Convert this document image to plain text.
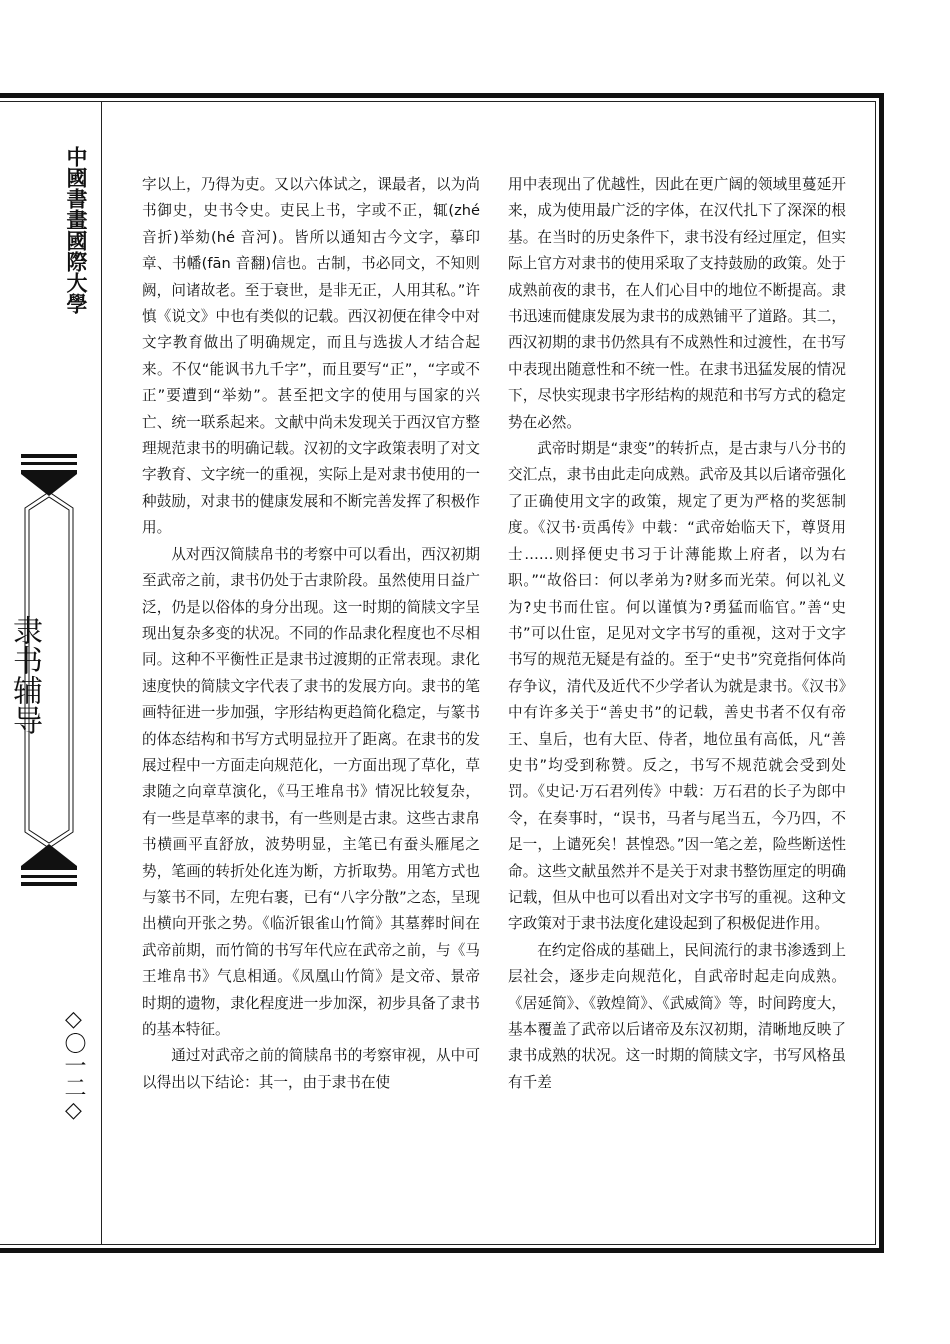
中國書畫國際大學
隶书辅导
◇〇一二◇

字以上，乃得为吏。又以六体试之，课最者，以为尚书御史，史书令史。吏民上书，字或不正，辄(zhé 音折)举劾(hé 音河)。皆所以通知古今文字，摹印章、书幡(fān 音翻)信也。古制，书必同文，不知则阙，问诸故老。至于衰世，是非无正，人用其私。”许慎《说文》中也有类似的记载。西汉初便在律令中对文字教育做出了明确规定，而且与选拔人才结合起来。不仅“能讽书九千字”，而且要写“正”，“字或不正”要遭到“举劾”。甚至把文字的使用与国家的兴亡、统一联系起来。文献中尚未发现关于西汉官方整理规范隶书的明确记载。汉初的文字政策表明了对文字教育、文字统一的重视，实际上是对隶书使用的一种鼓励，对隶书的健康发展和不断完善发挥了积极作用。

从对西汉简牍帛书的考察中可以看出，西汉初期至武帝之前，隶书仍处于古隶阶段。虽然使用日益广泛，仍是以俗体的身分出现。这一时期的简牍文字呈现出复杂多变的状况。不同的作品隶化程度也不尽相同。这种不平衡性正是隶书过渡期的正常表现。隶化速度快的简牍文字代表了隶书的发展方向。隶书的笔画特征进一步加强，字形结构更趋简化稳定，与篆书的体态结构和书写方式明显拉开了距离。在隶书的发展过程中一方面走向规范化，一方面出现了草化，草隶随之向章草演化，《马王堆帛书》情况比较复杂，有一些是草率的隶书，有一些则是古隶。这些古隶帛书横画平直舒放，波势明显，主笔已有蚕头雁尾之势，笔画的转折处化连为断，方折取势。用笔方式也与篆书不同，左兜右裹，已有“八字分散”之态，呈现出横向开张之势。《临沂银雀山竹简》其墓葬时间在武帝前期，而竹简的书写年代应在武帝之前，与《马王堆帛书》气息相通。《凤凰山竹简》是文帝、景帝时期的遗物，隶化程度进一步加深，初步具备了隶书的基本特征。

通过对武帝之前的简牍帛书的考察审视，从中可以得出以下结论：其一，由于隶书在使

用中表现出了优越性，因此在更广阔的领域里蔓延开来，成为使用最广泛的字体，在汉代扎下了深深的根基。在当时的历史条件下，隶书没有经过厘定，但实际上官方对隶书的使用采取了支持鼓励的政策。处于成熟前夜的隶书，在人们心目中的地位不断提高。隶书迅速而健康发展为隶书的成熟铺平了道路。其二，西汉初期的隶书仍然具有不成熟性和过渡性，在书写中表现出随意性和不统一性。在隶书迅猛发展的情况下，尽快实现隶书字形结构的规范和书写方式的稳定势在必然。

武帝时期是“隶变”的转折点，是古隶与八分书的交汇点，隶书由此走向成熟。武帝及其以后诸帝强化了正确使用文字的政策，规定了更为严格的奖惩制度。《汉书·贡禹传》中载：“武帝始临天下，尊贤用士……则择便史书习于计薄能欺上府者，以为右职。”“故俗曰：何以孝弟为?财多而光荣。何以礼义为?史书而仕宦。何以谨慎为?勇猛而临官。”善“史书”可以仕宦，足见对文字书写的重视，这对于文字书写的规范无疑是有益的。至于“史书”究竟指何体尚存争议，清代及近代不少学者认为就是隶书。《汉书》中有许多关于“善史书”的记载，善史书者不仅有帝王、皇后，也有大臣、侍者，地位虽有高低，凡“善史书”均受到称赞。反之，书写不规范就会受到处罚。《史记·万石君列传》中载：万石君的长子为郎中令，在奏事时，“误书，马者与尾当五，今乃四，不足一，上谴死矣！甚惶恐。”因一笔之差，险些断送性命。这些文献虽然并不是关于对隶书整饬厘定的明确记载，但从中也可以看出对文字书写的重视。这种文字政策对于隶书法度化建设起到了积极促进作用。

在约定俗成的基础上，民间流行的隶书渗透到上层社会，逐步走向规范化，自武帝时起走向成熟。《居延简》、《敦煌简》、《武威简》等，时间跨度大，基本覆盖了武帝以后诸帝及东汉初期，清晰地反映了隶书成熟的状况。这一时期的简牍文字，书写风格虽有千差
